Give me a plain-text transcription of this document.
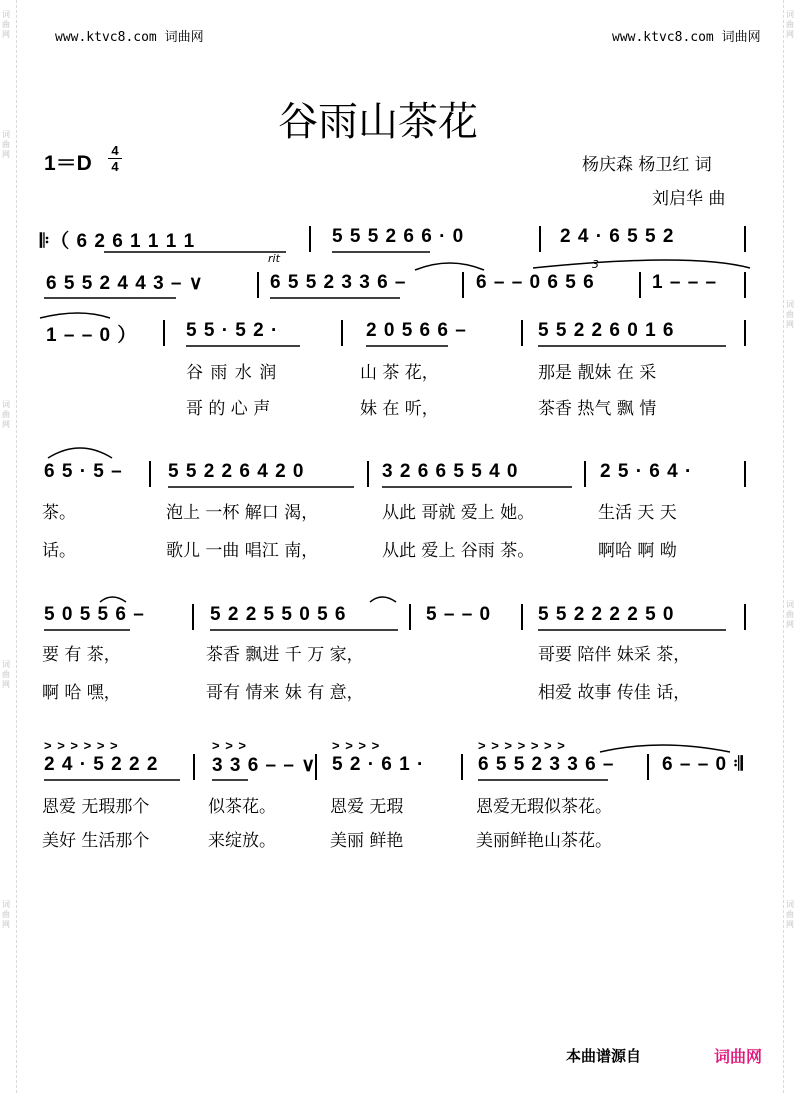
词
曲
网
词
曲
网
词
曲
网
词
曲
网
词
曲
网
词
曲
网
词
曲
网
词
曲
网
词
曲
网
www.ktvc8.com 词曲网	www.ktvc8.com 词曲网
谷雨山茶花
1＝D
4
4	杨庆森 杨卫红 词
刘启华 曲
𝄆（ 6 2 6 1 1 1 1	5 5 5 2 6 6 · 0	2 4 · 6 5 5 2
rit
6 5 5 2 4 4 3 – ∨	6 5 5 2 3 3 6 –	6 – – 0 6 5 6	1 – – –
3
1 – – 0 ）	5 5 · 5 2 ·	2 0 5 6 6 –	5 5 2 2 6 0 1 6
谷 雨 水 润	山 茶 花，	那是 靓妹 在 采
哥 的 心 声	妹 在 听，	茶香 热气 飘 情
6 5 · 5 – 5 5 2 2 6 4 2 0	3 2 6 6 5 5 4 0	2 5 · 6 4 ·
茶。	泡上 一杯 解口 渴，	从此 哥就 爱上 她。	生活 天 天
话。	歌儿 一曲 唱江 南，	从此 爱上 谷雨 茶。	啊哈 啊 呦
5 0 5 5 6 –	5 2 2 5 5 0 5 6	5 – – 0 5 5 2 2 2 2 5 0
要 有 茶，	茶香 飘进 千 万 家，	哥要 陪伴 妹采 茶，
啊 哈 嘿，	哥有 情来 妹 有 意，	相爱 故事 传佳 话，
> > > > > >	> > >	> > > >	> > > > > > >
2 4 · 5 2 2 2	3 3 6 – – ∨ 5 2 · 6 1 ·	6 5 5 2 3 3 6 –	6 – – 0 𝄇
恩爱 无瑕那个	似茶花。	恩爱 无瑕	恩爱无瑕似茶花。
美好 生活那个	来绽放。	美丽 鲜艳	美丽鲜艳山茶花。
本曲谱源自	词曲网
